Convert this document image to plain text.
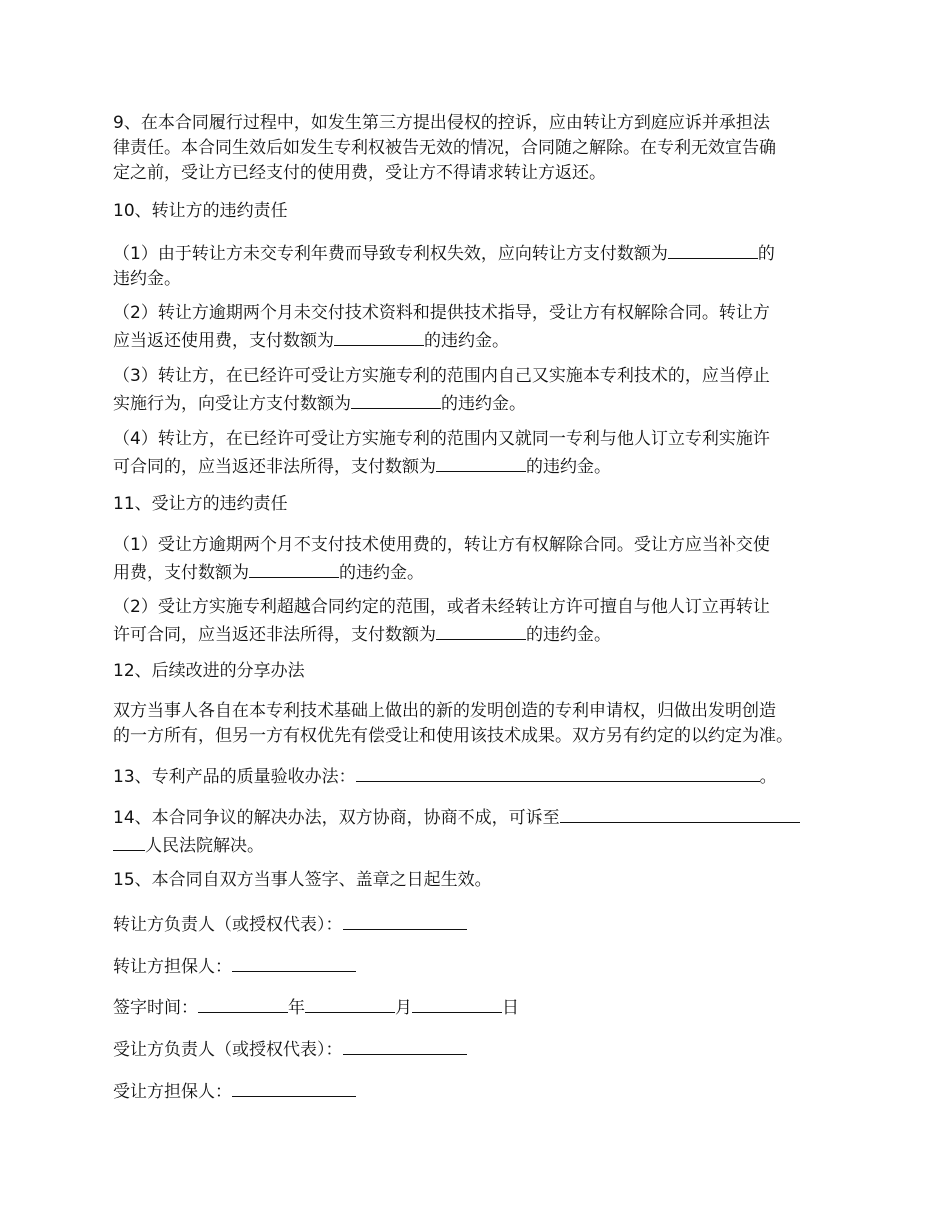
9、在本合同履行过程中，如发生第三方提出侵权的控诉，应由转让方到庭应诉并承担法

律责任。本合同生效后如发生专利权被告无效的情况，合同随之解除。在专利无效宣告确

定之前，受让方已经支付的使用费，受让方不得请求转让方返还。

10、转让方的违约责任

（1）由于转让方未交专利年费而导致专利权失效，应向转让方支付数额为	的

违约金。

（2）转让方逾期两个月未交付技术资料和提供技术指导，受让方有权解除合同。转让方

应当返还使用费，支付数额为	的违约金。

（3）转让方，在已经许可受让方实施专利的范围内自己又实施本专利技术的，应当停止

实施行为，向受让方支付数额为	的违约金。

（4）转让方，在已经许可受让方实施专利的范围内又就同一专利与他人订立专利实施许

可合同的，应当返还非法所得，支付数额为	的违约金。

11、受让方的违约责任

（1）受让方逾期两个月不支付技术使用费的，转让方有权解除合同。受让方应当补交使

用费，支付数额为	的违约金。

（2）受让方实施专利超越合同约定的范围，或者未经转让方许可擅自与他人订立再转让

许可合同，应当返还非法所得，支付数额为	的违约金。

12、后续改进的分享办法

双方当事人各自在本专利技术基础上做出的新的发明创造的专利申请权，归做出发明创造

的一方所有，但另一方有权优先有偿受让和使用该技术成果。双方另有约定的以约定为准。

13、专利产品的质量验收办法：	。

14、本合同争议的解决办法，双方协商，协商不成，可诉至

人民法院解决。

15、本合同自双方当事人签字、盖章之日起生效。

转让方负责人（或授权代表）：

转让方担保人：

签字时间：	年	月	日

受让方负责人（或授权代表）：

受让方担保人：
